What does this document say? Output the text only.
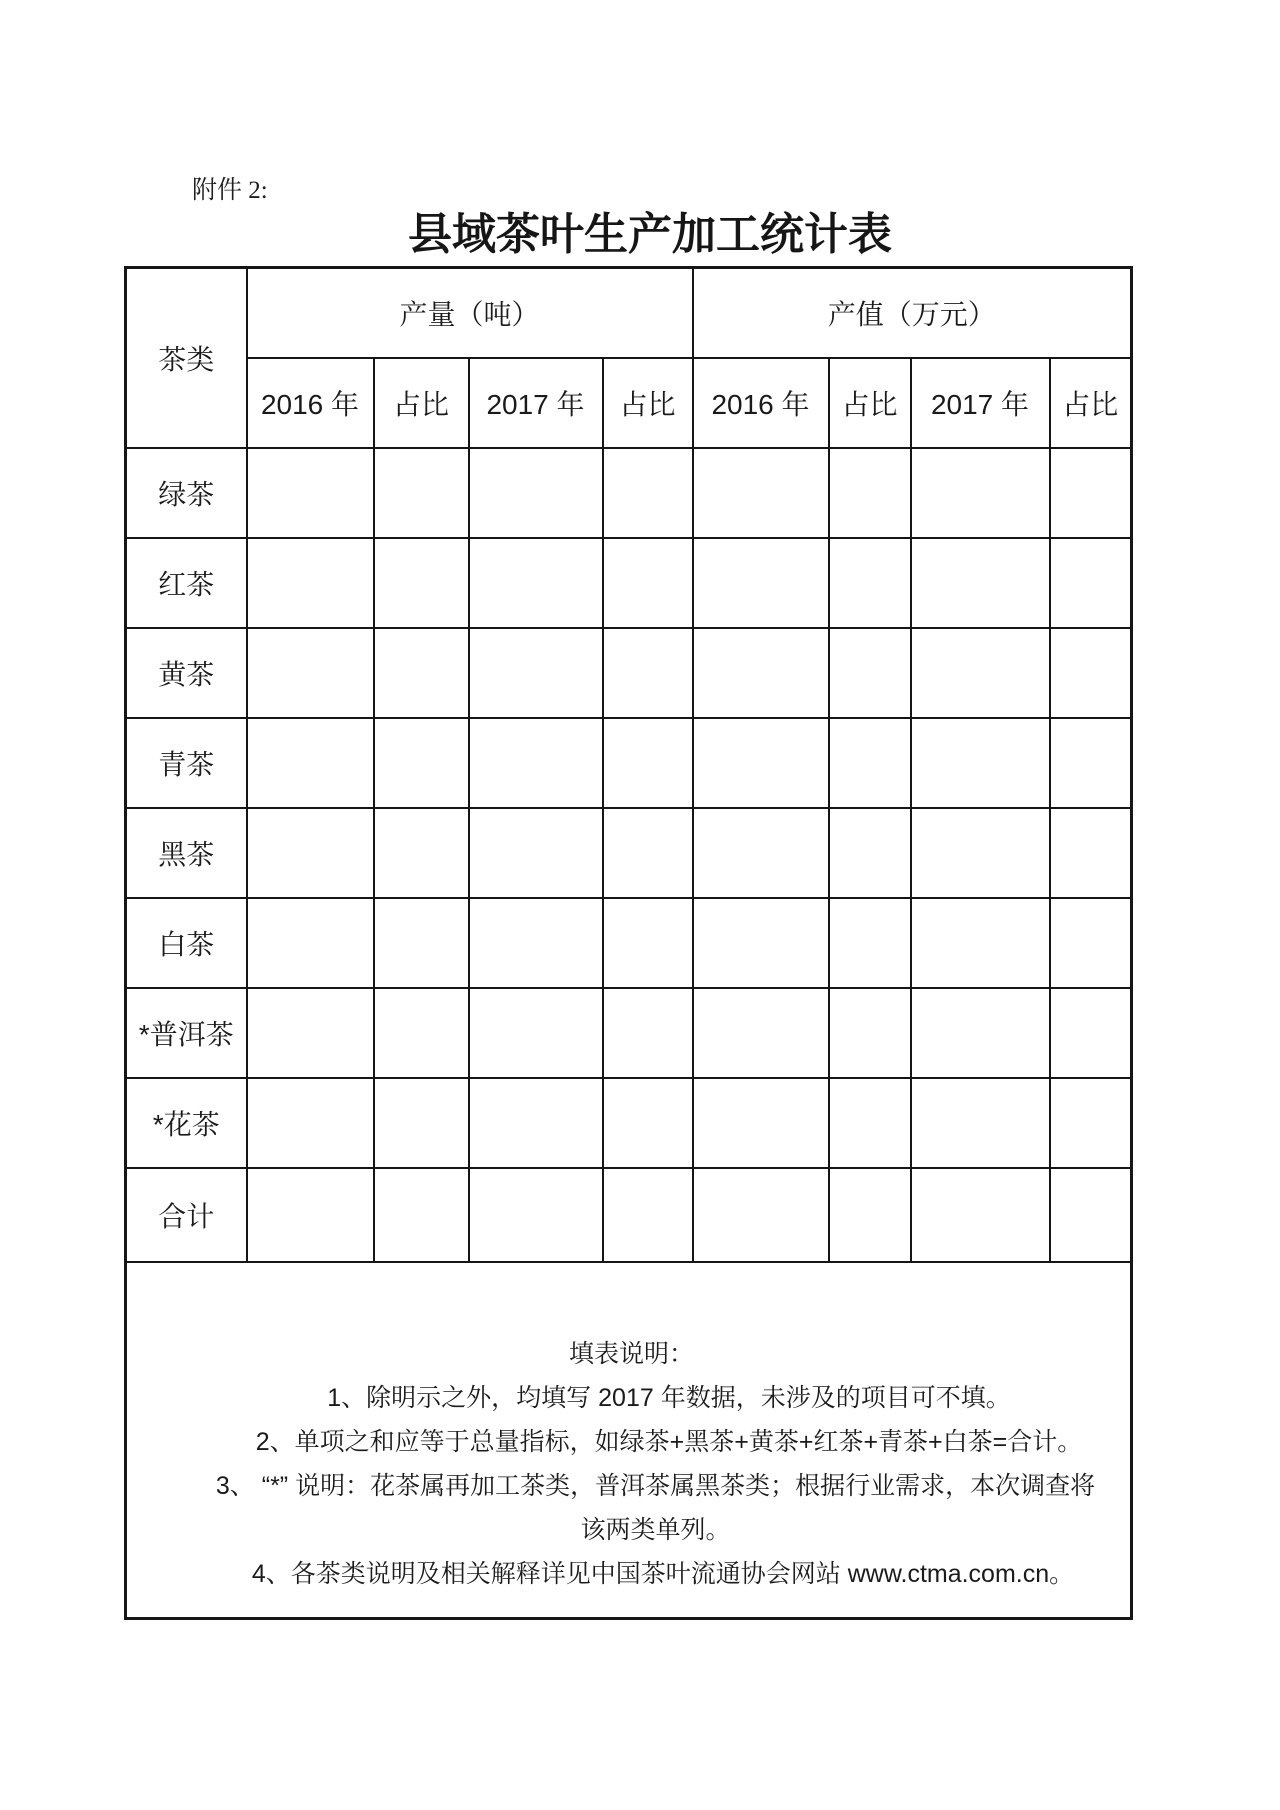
附件 2:
县域茶叶生产加工统计表
茶类	产量（吨）				产值（万元）			
	2016 年	占比	2017 年	占比	2016 年	占比	2017 年	占比
绿茶								
红茶								
黄茶								
青茶								
黑茶								
白茶								
*普洱茶								
*花茶								
合计								

填表说明：
1、除明示之外，均填写 2017 年数据，未涉及的项目可不填。
2、单项之和应等于总量指标，如绿茶+黑茶+黄茶+红茶+青茶+白茶=合计。
3、 “*” 说明：花茶属再加工茶类，普洱茶属黑茶类；根据行业需求，本次调查将
该两类单列。
4、各茶类说明及相关解释详见中国茶叶流通协会网站 www.ctma.com.cn。
